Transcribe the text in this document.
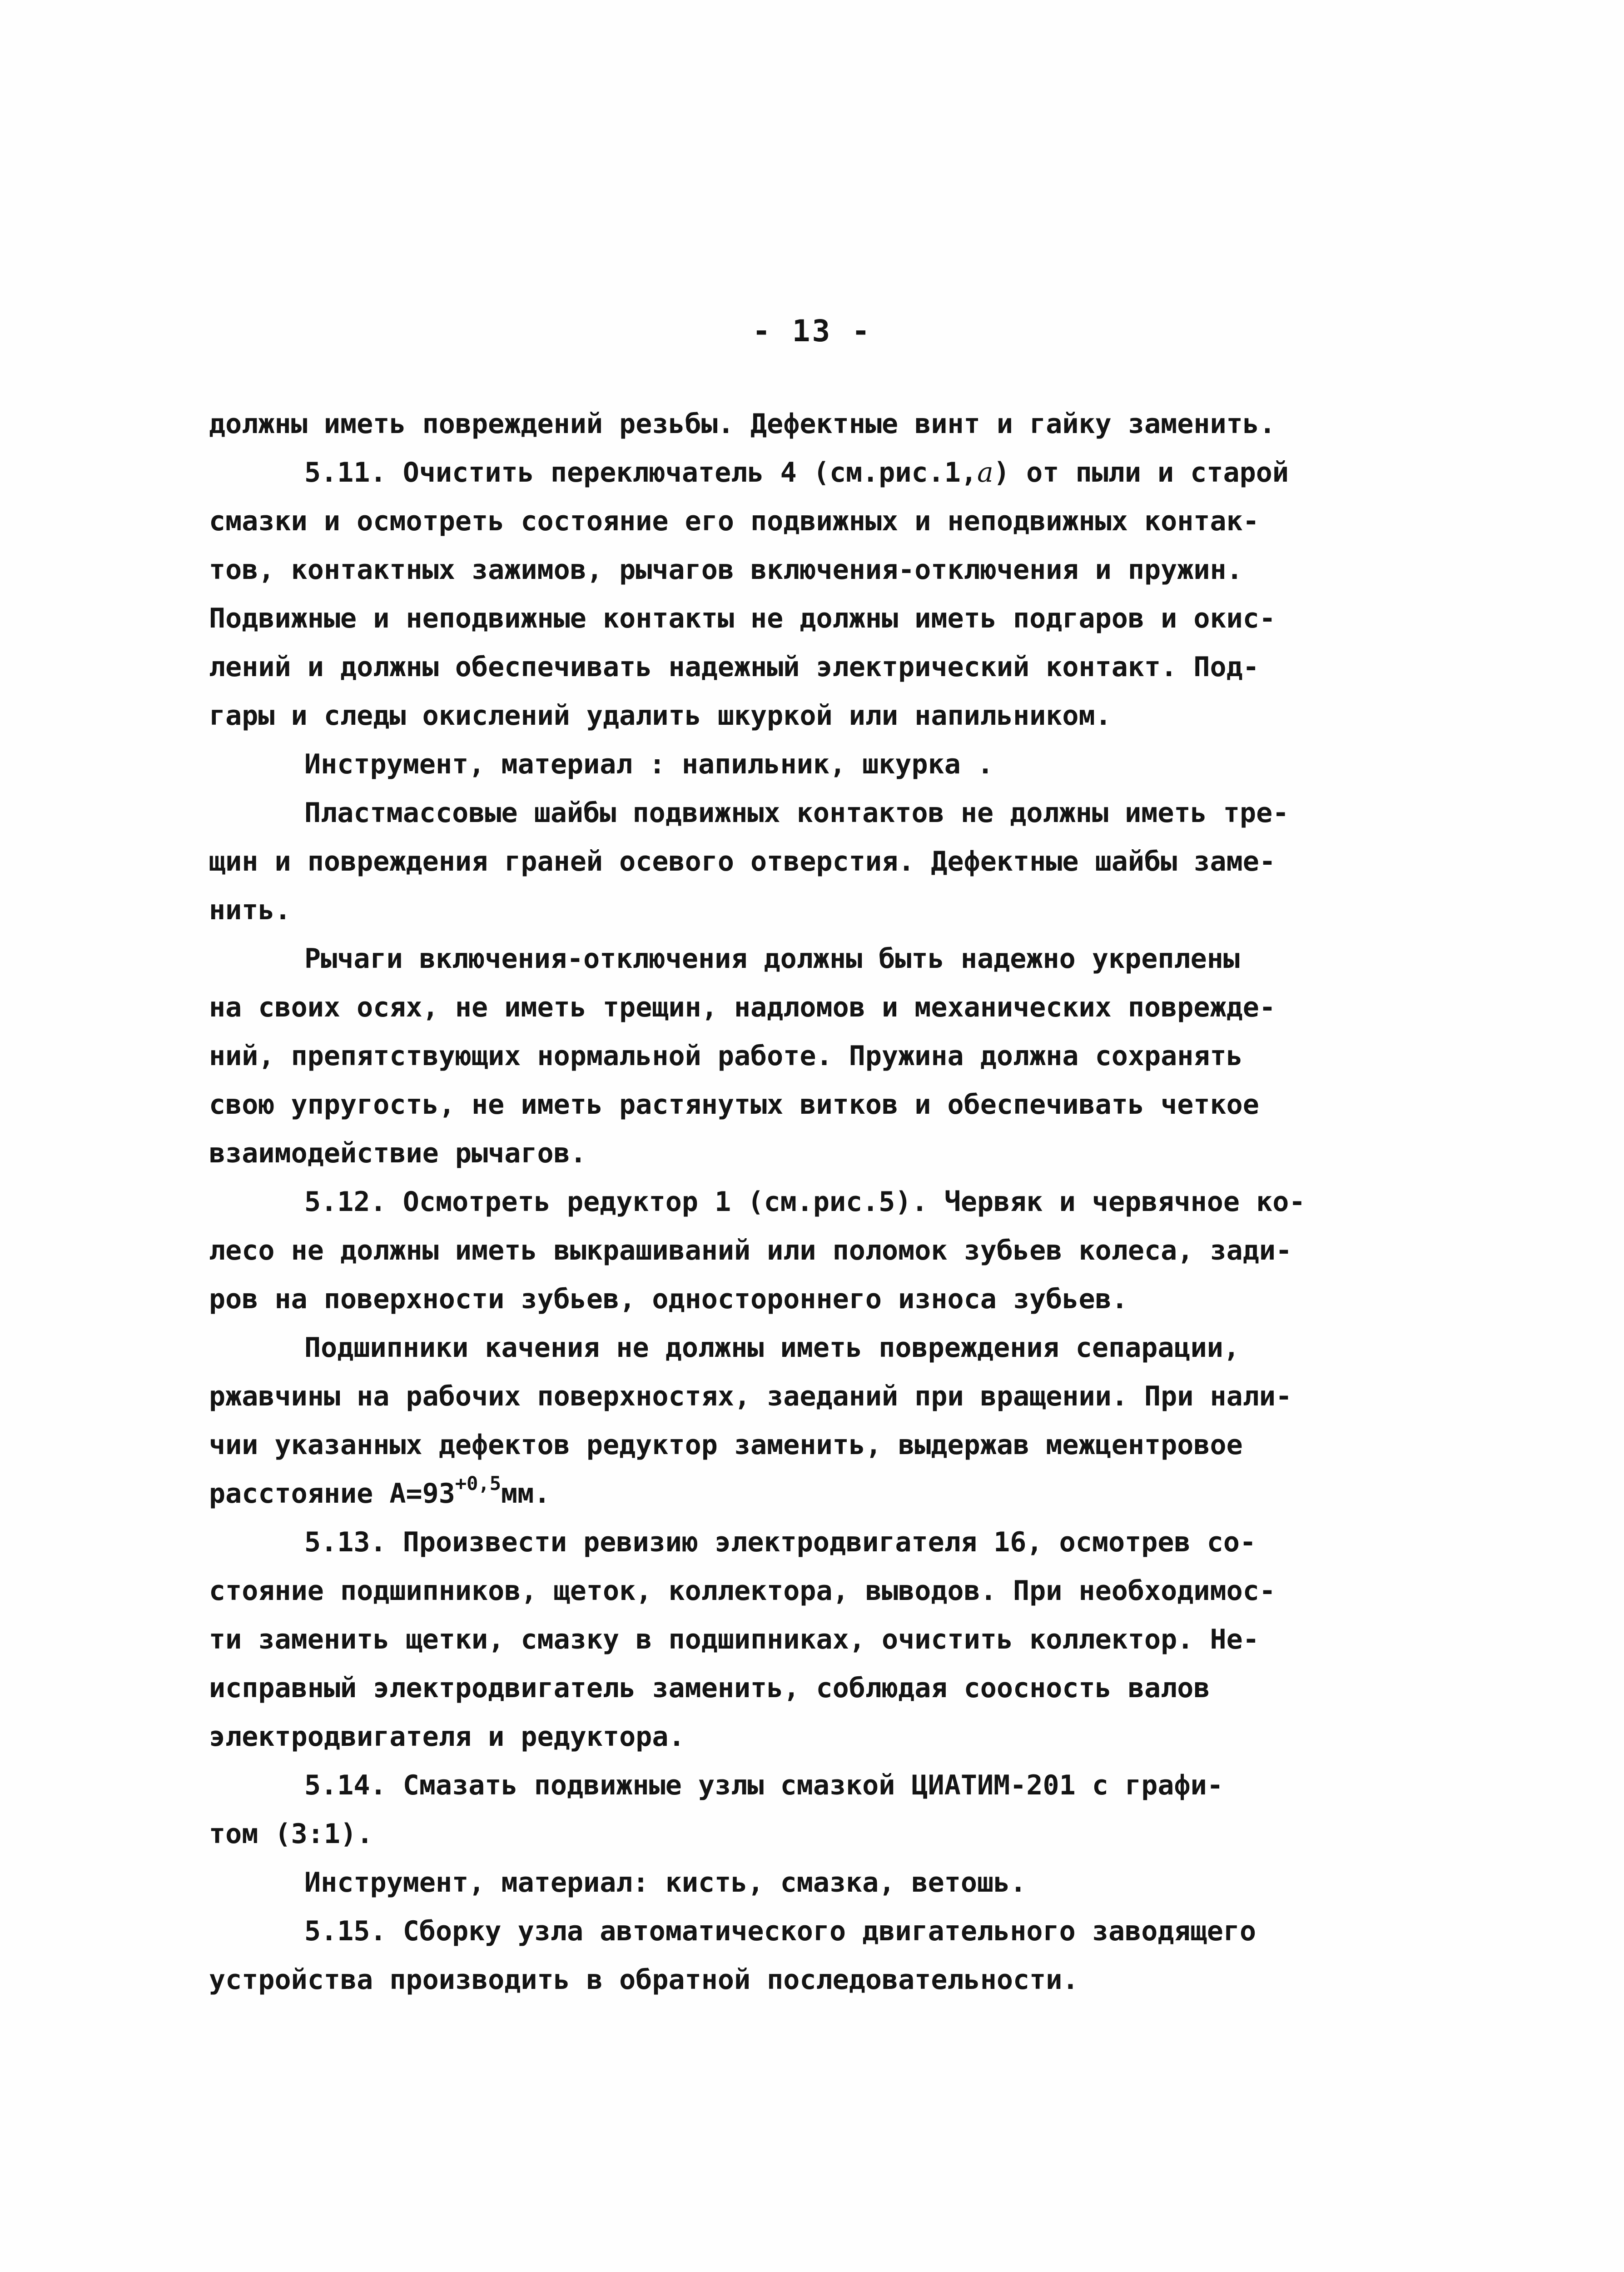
- 13 -
должны иметь повреждений резьбы. Дефектные винт и гайку заменить.
5.11. Очистить переключатель 4 (см.рис.1,а) от пыли и старой
смазки и осмотреть состояние его подвижных и неподвижных контак-
тов, контактных зажимов, рычагов включения-отключения и пружин.
Подвижные и неподвижные контакты не должны иметь подгаров и окис-
лений и должны обеспечивать надежный электрический контакт. Под-
гары и следы окислений удалить шкуркой или напильником.
Инструмент, материал : напильник, шкурка .
Пластмассовые шайбы подвижных контактов не должны иметь тре-
щин и повреждения граней осевого отверстия. Дефектные шайбы заме-
нить.
Рычаги включения-отключения должны быть надежно укреплены
на своих осях, не иметь трещин, надломов и механических поврежде-
ний, препятствующих нормальной работе. Пружина должна сохранять
свою упругость, не иметь растянутых витков и обеспечивать четкое
взаимодействие рычагов.
5.12. Осмотреть редуктор 1 (см.рис.5). Червяк и червячное ко-
лесо не должны иметь выкрашиваний или поломок зубьев колеса, зади-
ров на поверхности зубьев, одностороннего износа зубьев.
Подшипники качения не должны иметь повреждения сепарации,
ржавчины на рабочих поверхностях, заеданий при вращении. При нали-
чии указанных дефектов редуктор заменить, выдержав межцентровое
расстояние $А=93^{+0,5}мм$.
5.13. Произвести ревизию электродвигателя 16, осмотрев со-
стояние подшипников, щеток, коллектора, выводов. При необходимос-
ти заменить щетки, смазку в подшипниках, очистить коллектор. Не-
исправный электродвигатель заменить, соблюдая соосность валов
электродвигателя и редуктора.
5.14. Смазать подвижные узлы смазкой ЦИАТИМ-201 с графи-
том (3:1).
Инструмент, материал: кисть, смазка, ветошь.
5.15. Сборку узла автоматического двигательного заводящего
устройства производить в обратной последовательности.
